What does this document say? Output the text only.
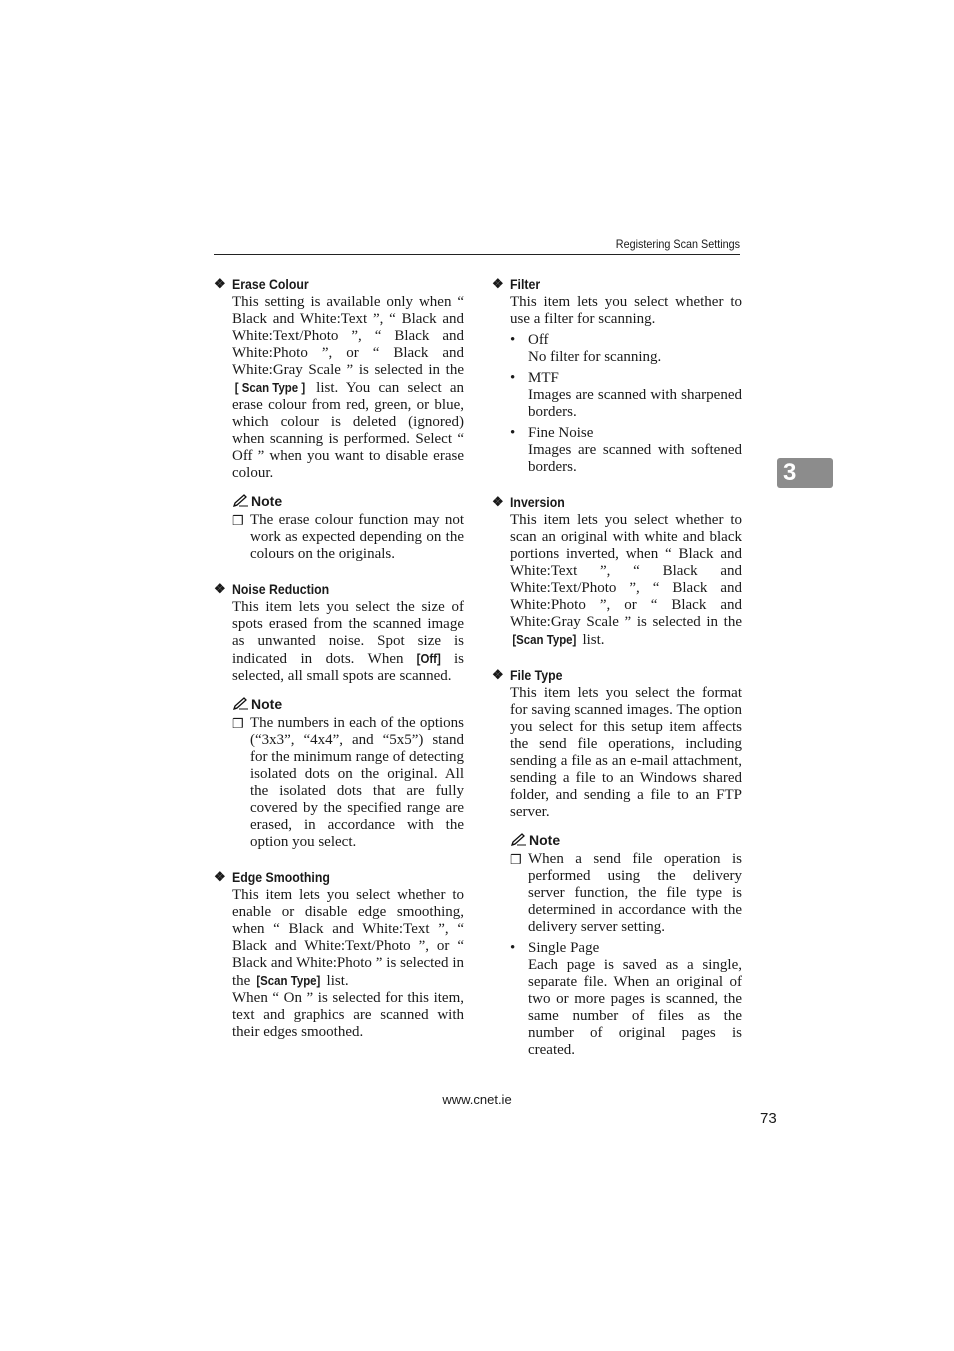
Registering Scan Settings
3
❖ Erase Colour

This setting is available only when “ Black and White:Text ”, “ Black and White:Text/Photo ”, “ Black and White:Photo ”, or “ Black and White:Gray Scale ” is selected in the [ Scan Type ] list. You can select an erase colour from red, green, or blue, which colour is deleted (ignored) when scanning is performed. Select “ Off ” when you want to disable erase colour.

Note
❒ The erase colour function may not work as expected depending on the colours on the originals.
❖ Noise Reduction

This item lets you select the size of spots erased from the scanned image as unwanted noise. Spot size is indicated in dots. When [Off] is selected, all small spots are scanned.

Note
❒ The numbers in each of the options (“3x3”, “4x4”, and “5x5”) stand for the minimum range of detecting isolated dots on the original. All the isolated dots that are fully covered by the specified range are erased, in accordance with the option you select.
❖ Edge Smoothing

This item lets you select whether to enable or disable edge smoothing, when “ Black and White:Text ”, “ Black and White:Text/Photo ”, or “ Black and White:Photo ” is selected in the [Scan Type] list.

When “ On ” is selected for this item, text and graphics are scanned with their edges smoothed.

❖ Filter

This item lets you select whether to use a filter for scanning.

• Off
No filter for scanning.
• MTF
Images are scanned with sharpened borders.
• Fine Noise
Images are scanned with softened borders.
❖ Inversion

This item lets you select whether to scan an original with white and black portions inverted, when “ Black and White:Text ”, “ Black and White:Text/Photo ”, “ Black and White:Photo ”, or “ Black and White:Gray Scale ” is selected in the [Scan Type] list.

❖ File Type

This item lets you select the format for saving scanned images. The option you select for this setup item affects the send file operations, including sending a file as an e-mail attachment, sending a file to an Windows shared folder, and sending a file to an FTP server.

Note
❒ When a send file operation is performed using the delivery server function, the file type is determined in accordance with the delivery server setting.
• Single Page
Each page is saved as a single, separate file. When an original of two or more pages is scanned, the same number of files as the number of original pages is created.
www.cnet.ie
73
